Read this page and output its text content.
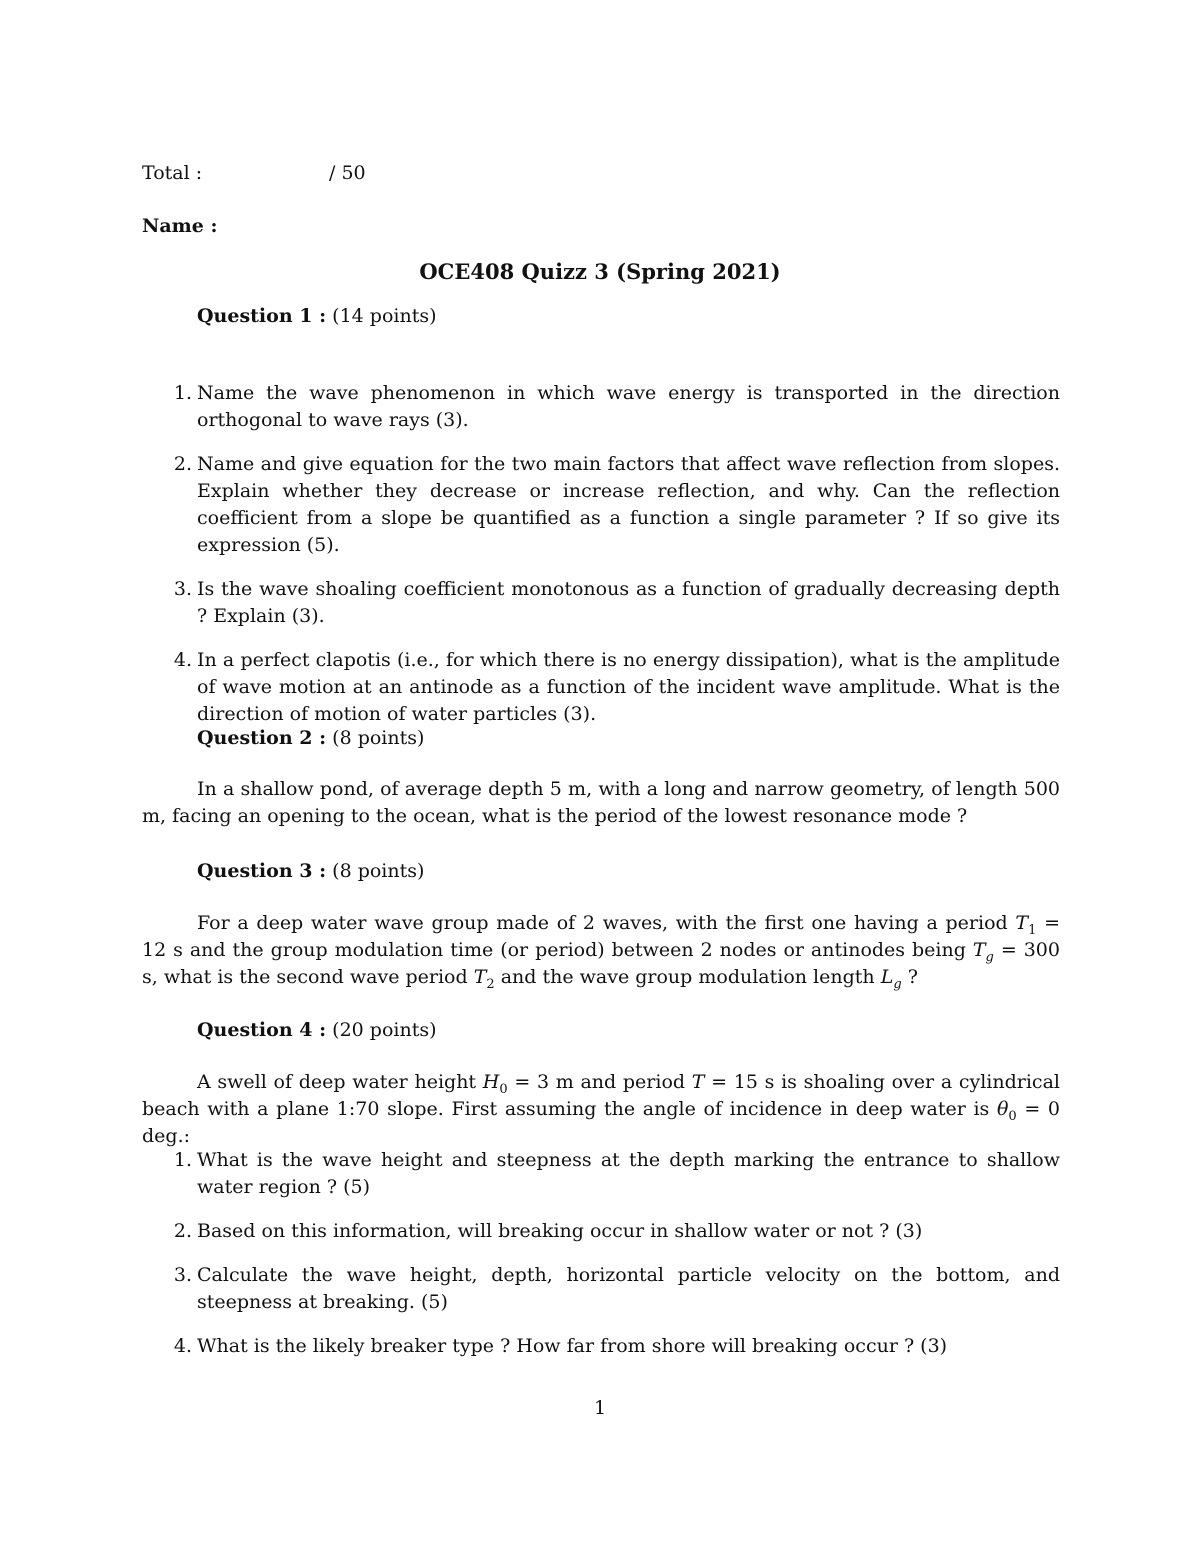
Total :	/ 50
Name :
OCE408 Quizz 3 (Spring 2021)
Question 1 : (14 points)
1. Name the wave phenomenon in which wave energy is transported in the direction orthogonal to wave rays (3).
2. Name and give equation for the two main factors that affect wave reflection from slopes. Explain whether they decrease or increase reflection, and why. Can the reflection coefficient from a slope be quantified as a function a single parameter ? If so give its expression (5).
3. Is the wave shoaling coefficient monotonous as a function of gradually decreasing depth ? Explain (3).
4. In a perfect clapotis (i.e., for which there is no energy dissipation), what is the amplitude of wave motion at an antinode as a function of the incident wave amplitude. What is the direction of motion of water particles (3).
Question 2 : (8 points)
In a shallow pond, of average depth 5 m, with a long and narrow geometry, of length 500 m, facing an opening to the ocean, what is the period of the lowest resonance mode ?
Question 3 : (8 points)
For a deep water wave group made of 2 waves, with the first one having a period $T_1 = 12$ s and the group modulation time (or period) between 2 nodes or antinodes being $T_g = 300$ s, what is the second wave period $T_2$ and the wave group modulation length $L_g$ ?
Question 4 : (20 points)
A swell of deep water height $H_0 = 3$ m and period T = 15 s is shoaling over a cylindrical beach with a plane 1:70 slope. First assuming the angle of incidence in deep water is $\theta_0 = 0$ deg.:
1. What is the wave height and steepness at the depth marking the entrance to shallow water region ? (5)
2. Based on this information, will breaking occur in shallow water or not ? (3)
3. Calculate the wave height, depth, horizontal particle velocity on the bottom, and steepness at breaking. (5)
4. What is the likely breaker type ? How far from shore will breaking occur ? (3)
1
